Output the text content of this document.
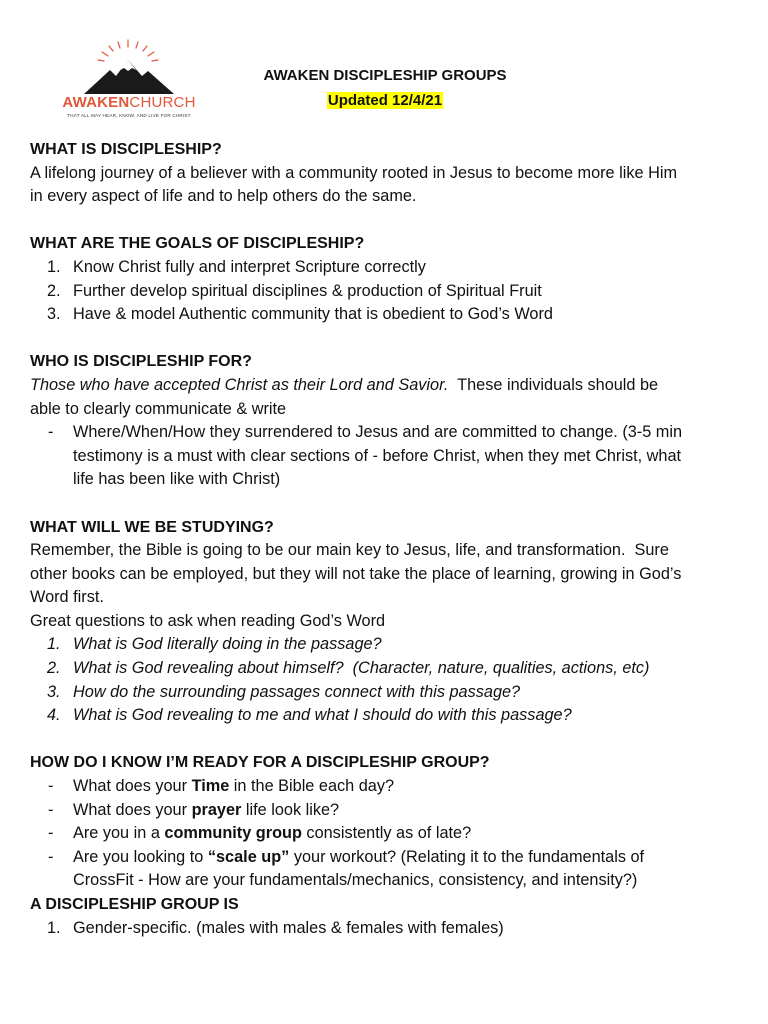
AWAKENCHURCH
THAT ALL MAY HEAR, KNOW, AND LIVE FOR CHRIST
AWAKEN DISCIPLESHIP GROUPS
Updated 12/4/21

WHAT IS DISCIPLESHIP?

A lifelong journey of a believer with a community rooted in Jesus to become more like Him

in every aspect of life and to help others do the same.

WHAT ARE THE GOALS OF DISCIPLESHIP?

1. Know Christ fully and interpret Scripture correctly
2. Further develop spiritual disciplines & production of Spiritual Fruit
3. Have & model Authentic community that is obedient to God’s Word

WHO IS DISCIPLESHIP FOR?

Those who have accepted Christ as their Lord and Savior.  These individuals should be

able to clearly communicate & write

- Where/When/How they surrendered to Jesus and are committed to change. (3-5 min
testimony is a must with clear sections of - before Christ, when they met Christ, what
life has been like with Christ)

WHAT WILL WE BE STUDYING?

Remember, the Bible is going to be our main key to Jesus, life, and transformation.  Sure

other books can be employed, but they will not take the place of learning, growing in God’s

Word first.

Great questions to ask when reading God’s Word

1. What is God literally doing in the passage?
2. What is God revealing about himself?  (Character, nature, qualities, actions, etc)
3. How do the surrounding passages connect with this passage?
4. What is God revealing to me and what I should do with this passage?

HOW DO I KNOW I’M READY FOR A DISCIPLESHIP GROUP?

- What does your Time in the Bible each day?
- What does your prayer life look like?
- Are you in a community group consistently as of late?
- Are you looking to “scale up” your workout? (Relating it to the fundamentals of
CrossFit - How are your fundamentals/mechanics, consistency, and intensity?)

A DISCIPLESHIP GROUP IS

1. Gender-specific. (males with males & females with females)
